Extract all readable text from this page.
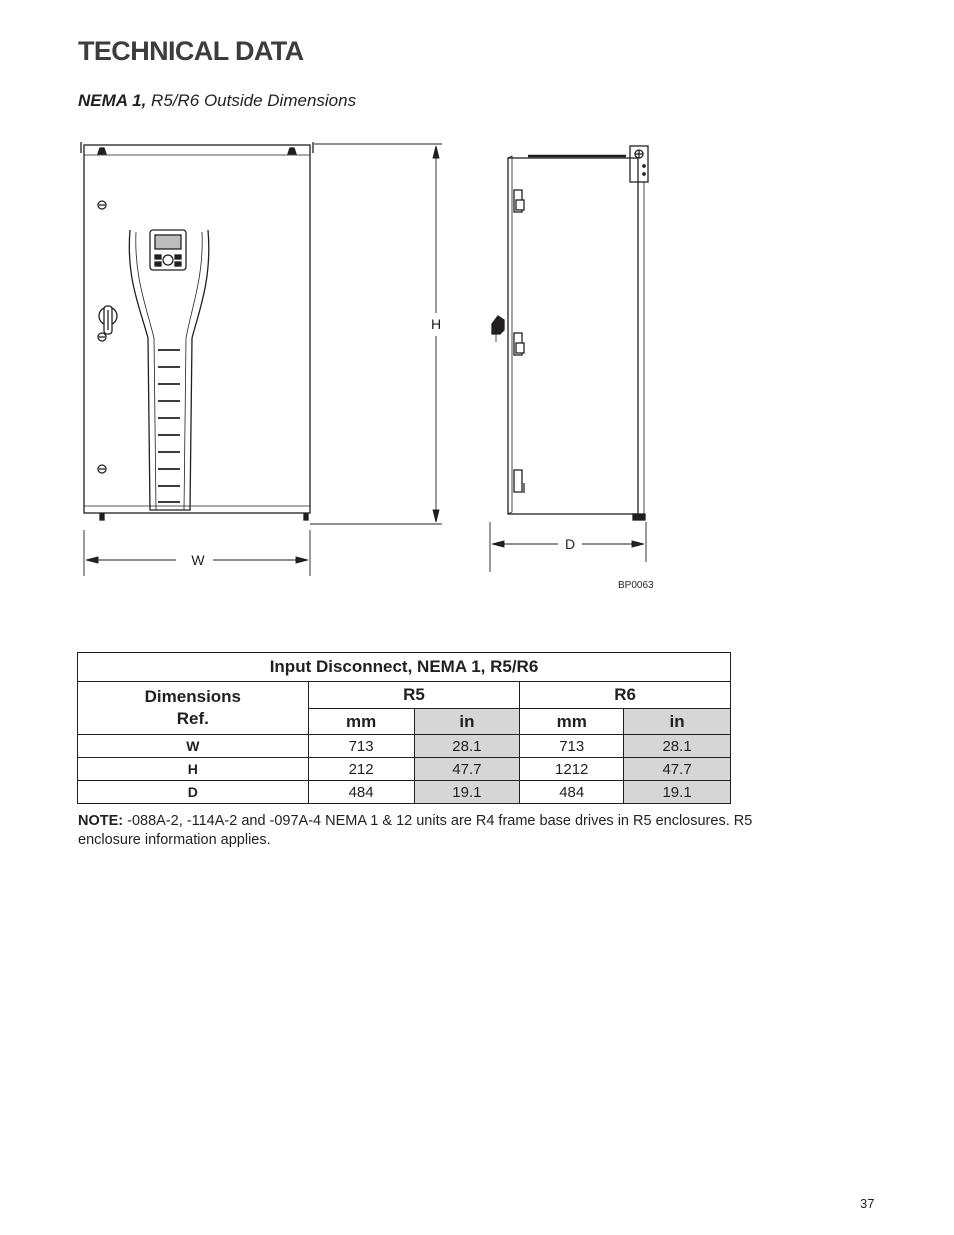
TECHNICAL DATA

NEMA 1, R5/R6 Outside Dimensions

H
W
D
BP0063
Input Disconnect, NEMA 1, R5/R6				

Dimensions
Ref.	R5		R6	
	mm	in	mm	in
W	713	28.1	713	28.1
H	212	47.7	1212	47.7
D	484	19.1	484	19.1

NOTE: -088A-2, -114A-2 and -097A-4 NEMA 1 & 12 units are R4 frame base drives in R5 enclosures. R5 enclosure information applies.

37
